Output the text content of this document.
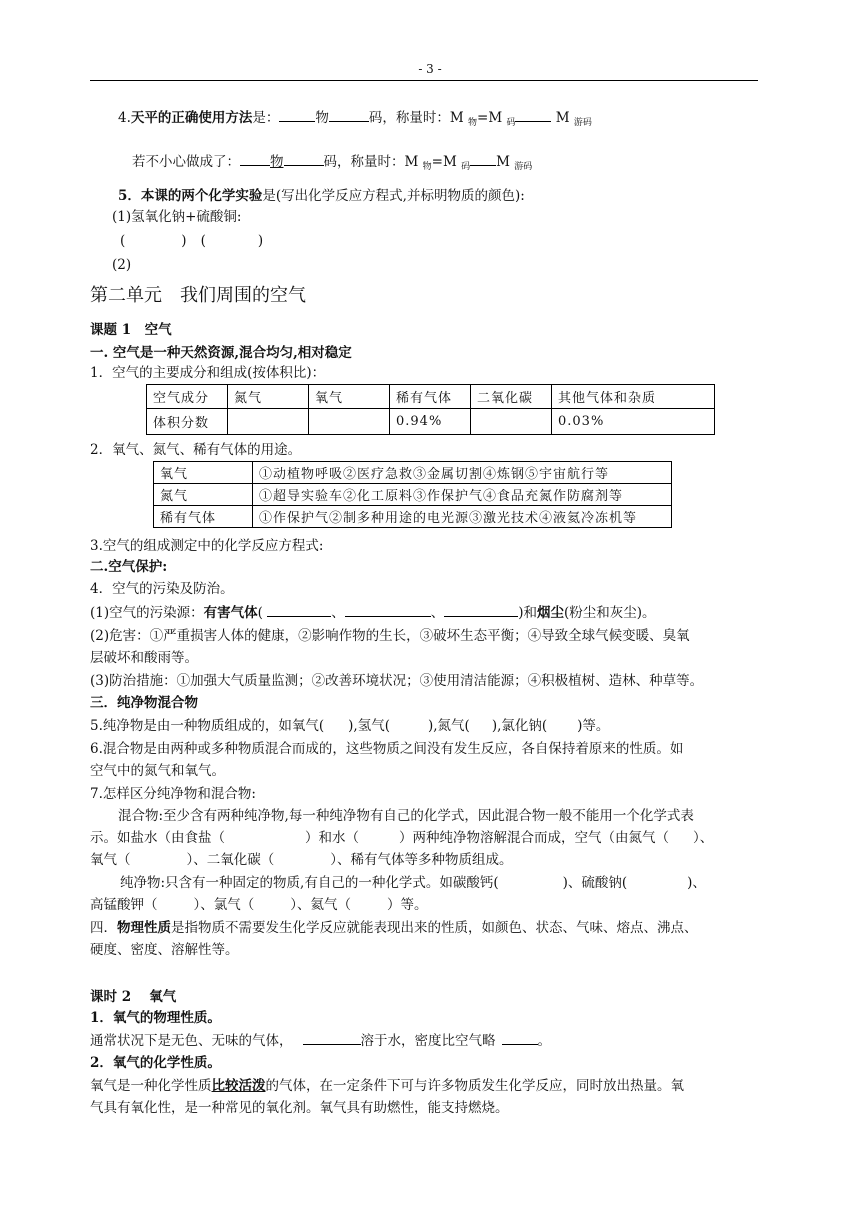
- 3 -
4.天平的正确使用方法是：	物	码，称量时：M $_物$=M $_码$	M $_{游码}$
若不小心做成了： 物	码，称量时：M $_物$=M $_码$ M $_{游码}$
5．本课的两个化学实验是(写出化学反应方程式,并标明物质的颜色):
(1)氢氧化钠+硫酸铜:
(	) (	)
(2)
第二单元　我们周围的空气
课题 1　空气
一. 空气是一种天然资源,混合均匀,相对稳定
1．空气的主要成分和组成(按体积比)：
空气成分	氮气	氧气	稀有气体	二氧化碳	其他气体和杂质
体积分数			0.94%		0.03%
2．氧气、氮气、稀有气体的用途。
氧气	①动植物呼吸②医疗急救③金属切割④炼钢⑤宇宙航行等
氮气	①超导实验车②化工原料③作保护气④食品充氮作防腐剂等
稀有气体	①作保护气②制多种用途的电光源③激光技术④液氦冷冻机等
3.空气的组成测定中的化学反应方程式:
二.空气保护:
4．空气的污染及防治。
(1)空气的污染源：有害气体(	、	、	)和烟尘(粉尘和灰尘)。
(2)危害：①严重损害人体的健康，②影响作物的生长，③破坏生态平衡；④导致全球气候变暖、臭氧
层破坏和酸雨等。
(3)防治措施：①加强大气质量监测；②改善环境状况；③使用清洁能源；④积极植树、造林、种草等。
三．纯净物混合物
5.纯净物是由一种物质组成的，如氧气( ),氢气(	),氮气( ),氯化钠( )等。
6.混合物是由两种或多种物质混合而成的，这些物质之间没有发生反应，各自保持着原来的性质。如
空气中的氮气和氧气。
7.怎样区分纯净物和混合物:
混合物:至少含有两种纯净物,每一种纯净物有自己的化学式，因此混合物一般不能用一个化学式表
示。如盐水（由食盐（	）和水（	）两种纯净物溶解混合而成，空气（由氮气（ ）、
氧气（	）、二氧化碳（	）、稀有气体等多种物质组成。
纯净物:只含有一种固定的物质,有自己的一种化学式。如碳酸钙(	)、硫酸钠(	)、
高锰酸钾（	）、氯气（	）、氦气（	）等。
四．物理性质是指物质不需要发生化学反应就能表现出来的性质，如颜色、状态、气味、熔点、沸点、
硬度、密度、溶解性等。
课时 2　 氧气
1．氧气的物理性质。
通常状况下是无色、无味的气体，	溶于水，密度比空气略	。
2．氧气的化学性质。
氧气是一种化学性质比较活泼的气体，在一定条件下可与许多物质发生化学反应，同时放出热量。氧
气具有氧化性，是一种常见的氧化剂。氧气具有助燃性，能支持燃烧。
